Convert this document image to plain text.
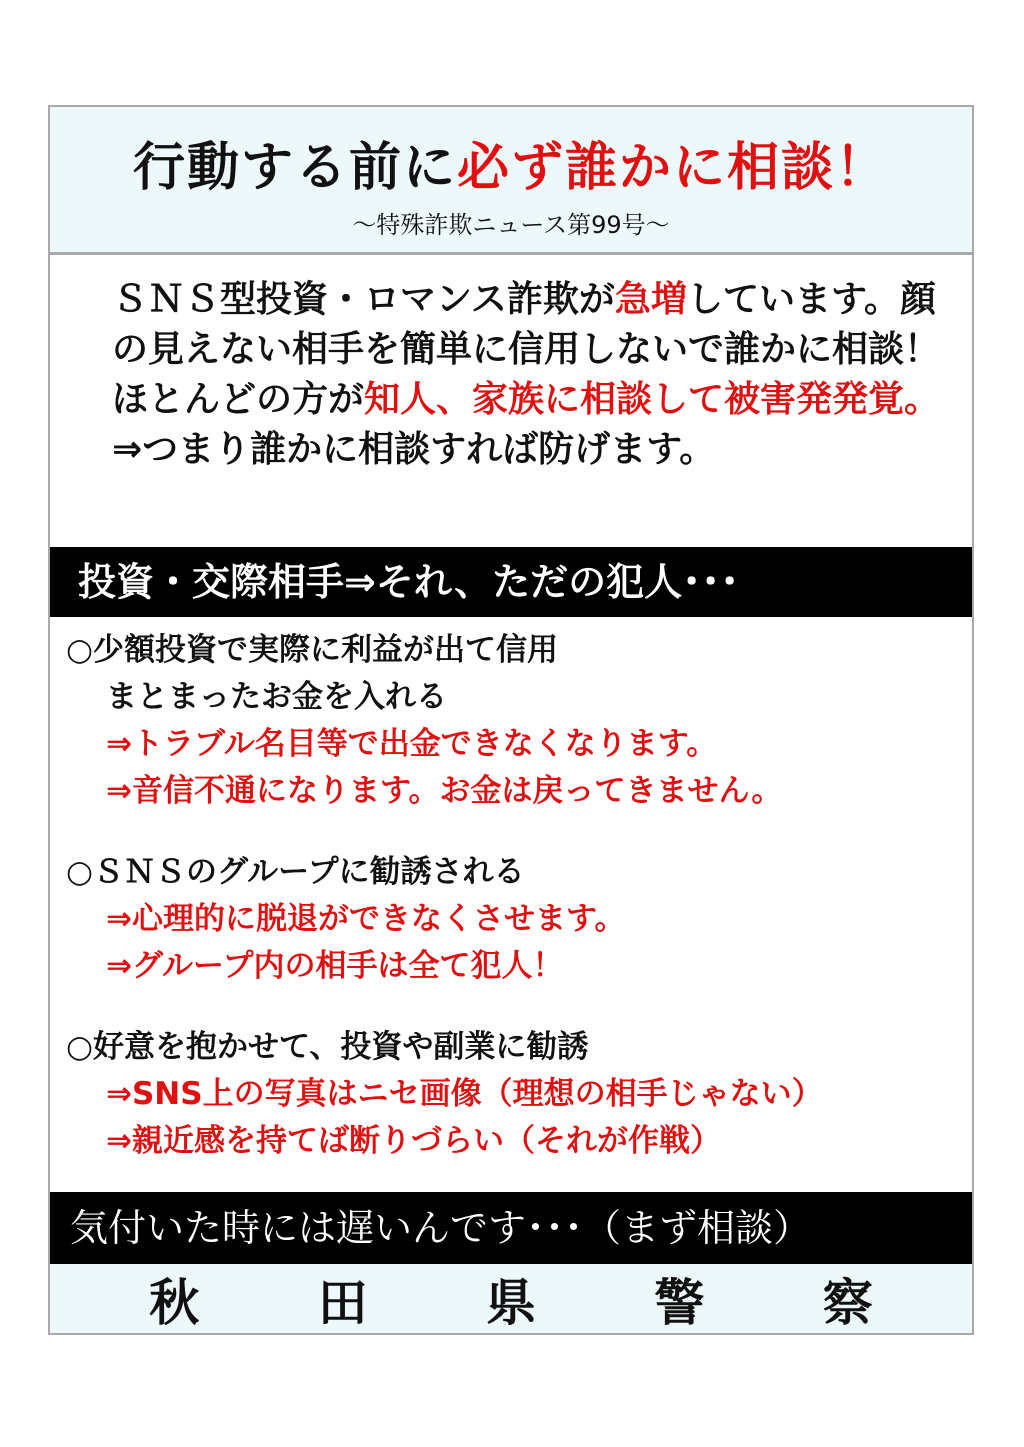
行動する前に必ず誰かに相談！
～特殊詐欺ニュース第99号～

ＳＮＳ型投資・ロマンス詐欺が急増しています。顔の見えない相手を簡単に信用しないで誰かに相談！

ほとんどの方が知人、家族に相談して被害発発覚。⇒つまり誰かに相談すれば防げます。

投資・交際相手⇒それ、ただの犯人･･･
○少額投資で実際に利益が出て信用
まとまったお金を入れる
⇒トラブル名目等で出金できなくなります。
⇒音信不通になります。お金は戻ってきません。
○ＳＮＳのグループに勧誘される
⇒心理的に脱退ができなくさせます。
⇒グループ内の相手は全て犯人！
○好意を抱かせて、投資や副業に勧誘
⇒SNS上の写真はニセ画像（理想の相手じゃない）
⇒親近感を持てば断りづらい（それが作戦）
気付いた時には遅いんです･･･（まず相談）
秋 田 県 警 察
